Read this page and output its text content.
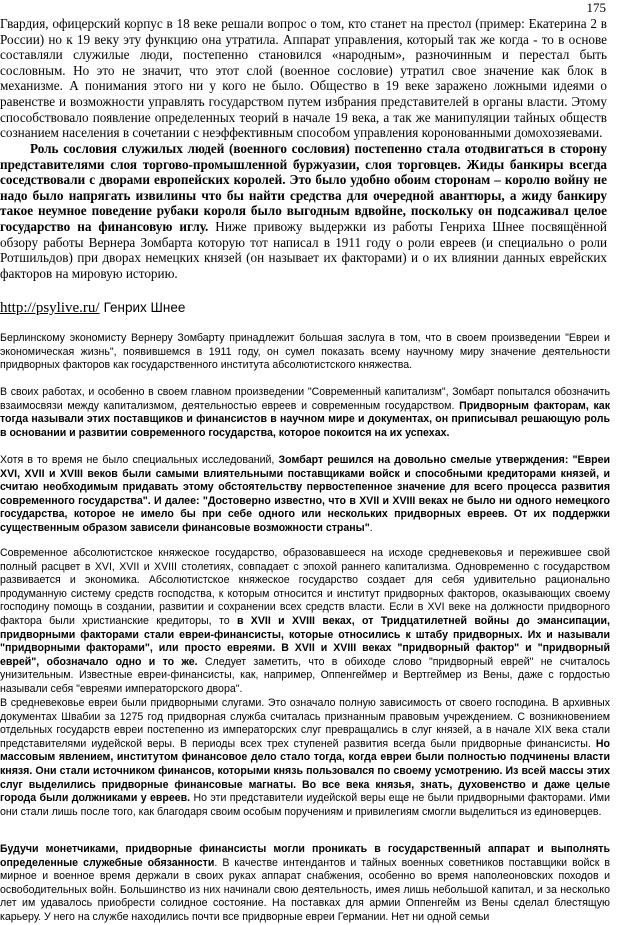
175

Гвардия, офицерский корпус в 18 веке решали вопрос о том, кто станет на престол (пример: Екатерина 2 в России) но к 19 веку эту функцию она утратила. Аппарат управления, который так же когда - то в основе составляли служилые люди, постепенно становился «народным», разночинным и перестал быть сословным. Но это не значит, что этот слой (военное сословие) утратил свое значение как блок в механизме. А понимания этого ни у кого не было. Общество в 19 веке заражено ложными идеями о равенстве и возможности управлять государством путем избрания представителей в органы власти. Этому способствовало появление определенных теорий в начале 19 века, а так же манипуляции тайных обществ сознанием населения в сочетании с неэффективным способом управления коронованными домохозяевами.

Роль сословия служилых людей (военного сословия) постепенно стала отодвигаться в сторону представителями слоя торгово-промышленной буржуазии, слоя торговцев. Жиды банкиры всегда соседствовали с дворами европейских королей. Это было удобно обоим сторонам – королю войну не надо было напрягать извилины что бы найти средства для очередной авантюры, а жиду банкиру такое неумное поведение рубаки короля было выгодным вдвойне, поскольку он подсаживал целое государство на финансовую иглу. Ниже привожу выдержки из работы Генриха Шнее посвящённой обзору работы Вернера Зомбарта которую тот написал в 1911 году о роли евреев (и специально о роли Ротшильдов) при дворах немецких князей (он называет их факторами) и о их влиянии данных еврейских факторов на мировую историю.

http://psylive.ru/ Генрих Шнее

Берлинскому экономисту Вернеру Зомбарту принадлежит большая заслуга в том, что в своем произведении "Евреи и экономическая жизнь", появившемся в 1911 году, он сумел показать всему научному миру значение деятельности придворных факторов как государственного института абсолютистского княжества.

В своих работах, и особенно в своем главном произведении "Современный капитализм", Зомбарт попытался обозначить взаимосвязи между капитализмом, деятельностью евреев и современным государством. Придворным факторам, как тогда называли этих поставщиков и финансистов в научном мире и документах, он приписывал решающую роль в основании и развитии современного государства, которое покоится на их успехах.

Хотя в то время не было специальных исследований, Зомбарт решился на довольно смелые утверждения: "Евреи XVI, XVII и XVIII веков были самыми влиятельными поставщиками войск и способными кредиторами князей, и считаю необходимым придавать этому обстоятельству первостепенное значение для всего процесса развития современного государства". И далее: "Достоверно известно, что в XVII и XVIII веках не было ни одного немецкого государства, которое не имело бы при себе одного или нескольких придворных евреев. От их поддержки существенным образом зависели финансовые возможности страны".

Современное абсолютистское княжеское государство, образовавшееся на исходе средневековья и пережившее свой полный расцвет в XVI, XVII и XVIII столетиях, совпадает с эпохой раннего капитализма. Одновременно с государством развивается и экономика. Абсолютистское княжеское государство создает для себя удивительно рационально продуманную систему средств господства, к которым относится и институт придворных факторов, оказывающих своему господину помощь в создании, развитии и сохранении всех средств власти. Если в XVI веке на должности придворного фактора были христианские кредиторы, то в XVII и XVIII веках, от Тридцатилетней войны до эмансипации, придворными факторами стали евреи-финансисты, которые относились к штабу придворных. Их и называли "придворными факторами", или просто евреями. В XVII и XVIII веках "придворный фактор" и "придворный еврей", обозначало одно и то же. Следует заметить, что в обиходе слово "придворный еврей" не считалось унизительным. Известные евреи-финансисты, как, например, Оппенгеймер и Вертгеймер из Вены, даже с гордостью называли себя "евреями императорского двора".

В средневековье евреи были придворными слугами. Это означало полную зависимость от своего господина. В архивных документах Швабии за 1275 год придворная служба считалась признанным правовым учреждением. С возникновением отдельных государств евреи постепенно из императорских слуг превращались в слуг князей, а в начале XIX века стали представителями иудейской веры. В периоды всех трех ступеней развития всегда были придворные финансисты. Но массовым явлением, институтом финансовое дело стало тогда, когда евреи были полностью подчинены власти князя. Они стали источником финансов, которыми князь пользовался по своему усмотрению. Из всей массы этих слуг выделились придворные финансовые магнаты. Во все века князья, знать, духовенство и даже целые города были должниками у евреев. Но эти представители иудейской веры еще не были придворными факторами. Ими они стали лишь после того, как благодаря своим особым поручениям и привилегиям смогли выделиться из единоверцев.

Будучи монетчиками, придворные финансисты могли проникать в государственный аппарат и выполнять определенные служебные обязанности. В качестве интендантов и тайных военных советников поставщики войск в мирное и военное время держали в своих руках аппарат снабжения, особенно во время наполеоновских походов и освободительных войн. Большинство из них начинали свою деятельность, имея лишь небольшой капитал, и за несколько лет им удавалось приобрести солидное состояние. На поставках для армии Оппенгейм из Вены сделал блестящую карьеру. У него на службе находились почти все придворные евреи Германии. Нет ни одной семьи
